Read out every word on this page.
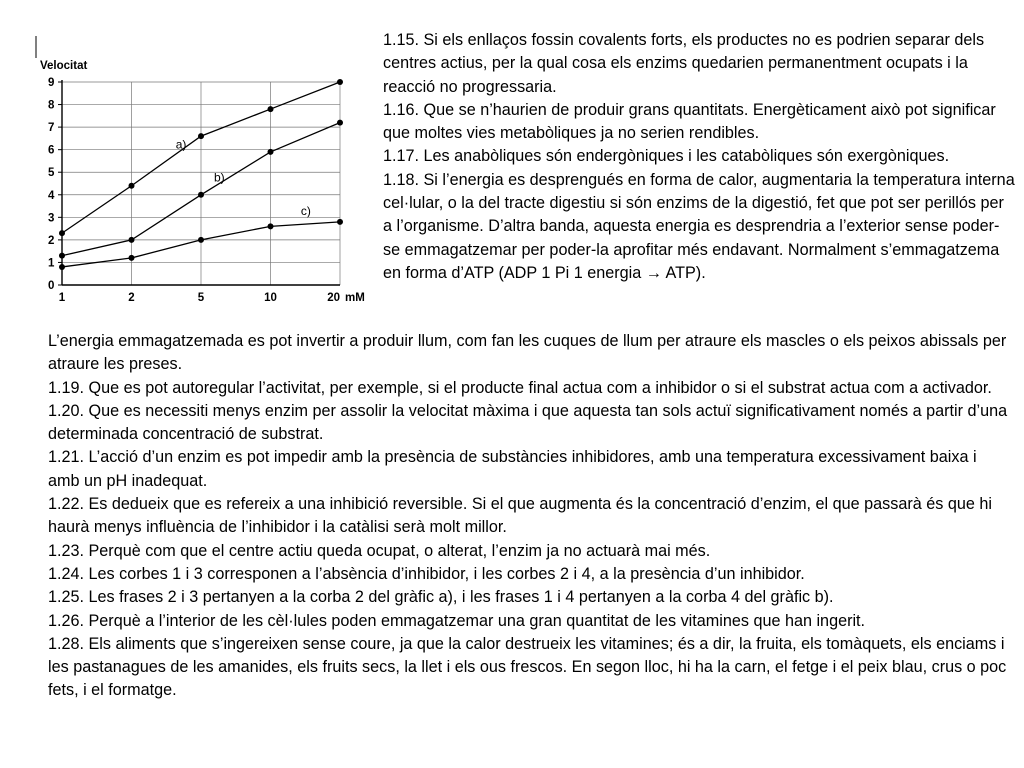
Velocitat
0
1
2
3
4
5
6
7
8
9
1	2	5	10	20 mM
a)
b)
c)

1.15. Si els enllaços fossin covalents forts, els productes no es podrien separar dels centres actius, per la qual cosa els enzims quedarien permanentment ocupats i la reacció no progressaria.

1.16. Que se n’haurien de produir grans quantitats. Energèticament això pot significar que moltes vies metabòliques ja no serien rendibles.

1.17. Les anabòliques són endergòniques i les catabòliques són exergòniques.

1.18. Si l’energia es desprengués en forma de calor, augmentaria la temperatura interna cel·lular, o la del tracte digestiu si són enzims de la digestió, fet que pot ser perillós per a l’organisme. D’altra banda, aquesta energia es desprendria a l’exterior sense poder-se emmagatzemar per poder-la aprofitar més endavant. Normalment s’emmagatzema en forma d’ATP (ADP 1 Pi 1 energia → ATP).

L’energia emmagatzemada es pot invertir a produir llum, com fan les cuques de llum per atraure els mascles o els peixos abissals per atraure les preses.

1.19. Que es pot autoregular l’activitat, per exemple, si el producte final actua com a inhibidor o si el substrat actua com a activador.

1.20. Que es necessiti menys enzim per assolir la velocitat màxima i que aquesta tan sols actuï significativament només a partir d’una determinada concentració de substrat.

1.21. L’acció d’un enzim es pot impedir amb la presència de substàncies inhibidores, amb una temperatura excessivament baixa i amb un pH inadequat.

1.22. Es dedueix que es refereix a una inhibició reversible. Si el que augmenta és la concentració d’enzim, el que passarà és que hi haurà menys influència de l’inhibidor i la catàlisi serà molt millor.

1.23. Perquè com que el centre actiu queda ocupat, o alterat, l’enzim ja no actuarà mai més.

1.24. Les corbes 1 i 3 corresponen a l’absència d’inhibidor, i les corbes 2 i 4, a la presència d’un inhibidor.

1.25. Les frases 2 i 3 pertanyen a la corba 2 del gràfic a), i les frases 1 i 4 pertanyen a la corba 4 del gràfic b).

1.26. Perquè a l’interior de les cèl·lules poden emmagatzemar una gran quantitat de les vitamines que han ingerit.

1.28. Els aliments que s’ingereixen sense coure, ja que la calor destrueix les vitamines; és a dir, la fruita, els tomàquets, els enciams i les pastanagues de les amanides, els fruits secs, la llet i els ous frescos. En segon lloc, hi ha la carn, el fetge i el peix blau, crus o poc fets, i el formatge.
